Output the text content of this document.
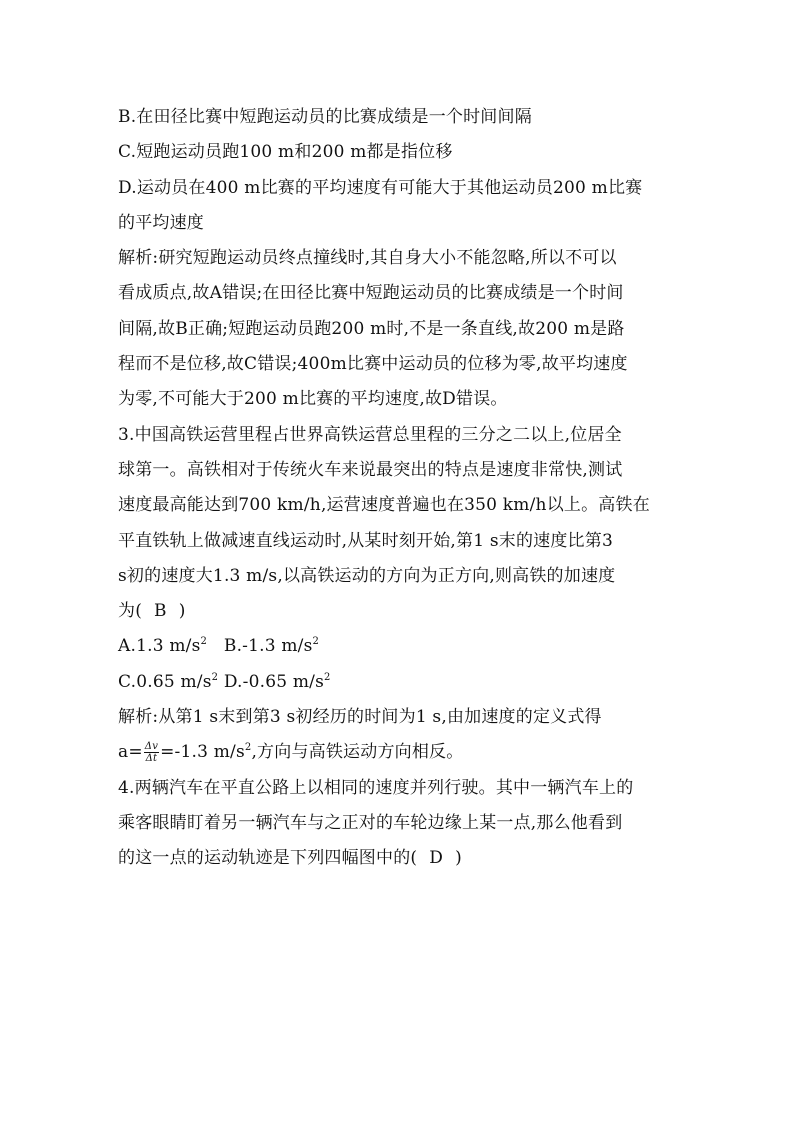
B.在田径比赛中短跑运动员的比赛成绩是一个时间间隔
C.短跑运动员跑100 m和200 m都是指位移
D.运动员在400 m比赛的平均速度有可能大于其他运动员200 m比赛
的平均速度
解析:研究短跑运动员终点撞线时,其自身大小不能忽略,所以不可以
看成质点,故A错误;在田径比赛中短跑运动员的比赛成绩是一个时间
间隔,故B正确;短跑运动员跑200 m时,不是一条直线,故200 m是路
程而不是位移,故C错误;400m比赛中运动员的位移为零,故平均速度
为零,不可能大于200 m比赛的平均速度,故D错误。
3.中国高铁运营里程占世界高铁运营总里程的三分之二以上,位居全
球第一。高铁相对于传统火车来说最突出的特点是速度非常快,测试
速度最高能达到700 km/h,运营速度普遍也在350 km/h以上。高铁在
平直铁轨上做减速直线运动时,从某时刻开始,第1 s末的速度比第3
s初的速度大1.3 m/s,以高铁运动的方向为正方向,则高铁的加速度
为( B )
A.1.3 $m/s^2$ B.-1.3 $m/s^2$
C.0.65 $m/s^2$ D.-0.65 $m/s^2$
解析:从第1 s末到第3 s初经历的时间为1 s,由加速度的定义式得
$a= \frac{\Delta v}{\Delta t} =-1.3$ $m/s^2$,方向与高铁运动方向相反。
4.两辆汽车在平直公路上以相同的速度并列行驶。其中一辆汽车上的
乘客眼睛盯着另一辆汽车与之正对的车轮边缘上某一点,那么他看到
的这一点的运动轨迹是下列四幅图中的( D )
